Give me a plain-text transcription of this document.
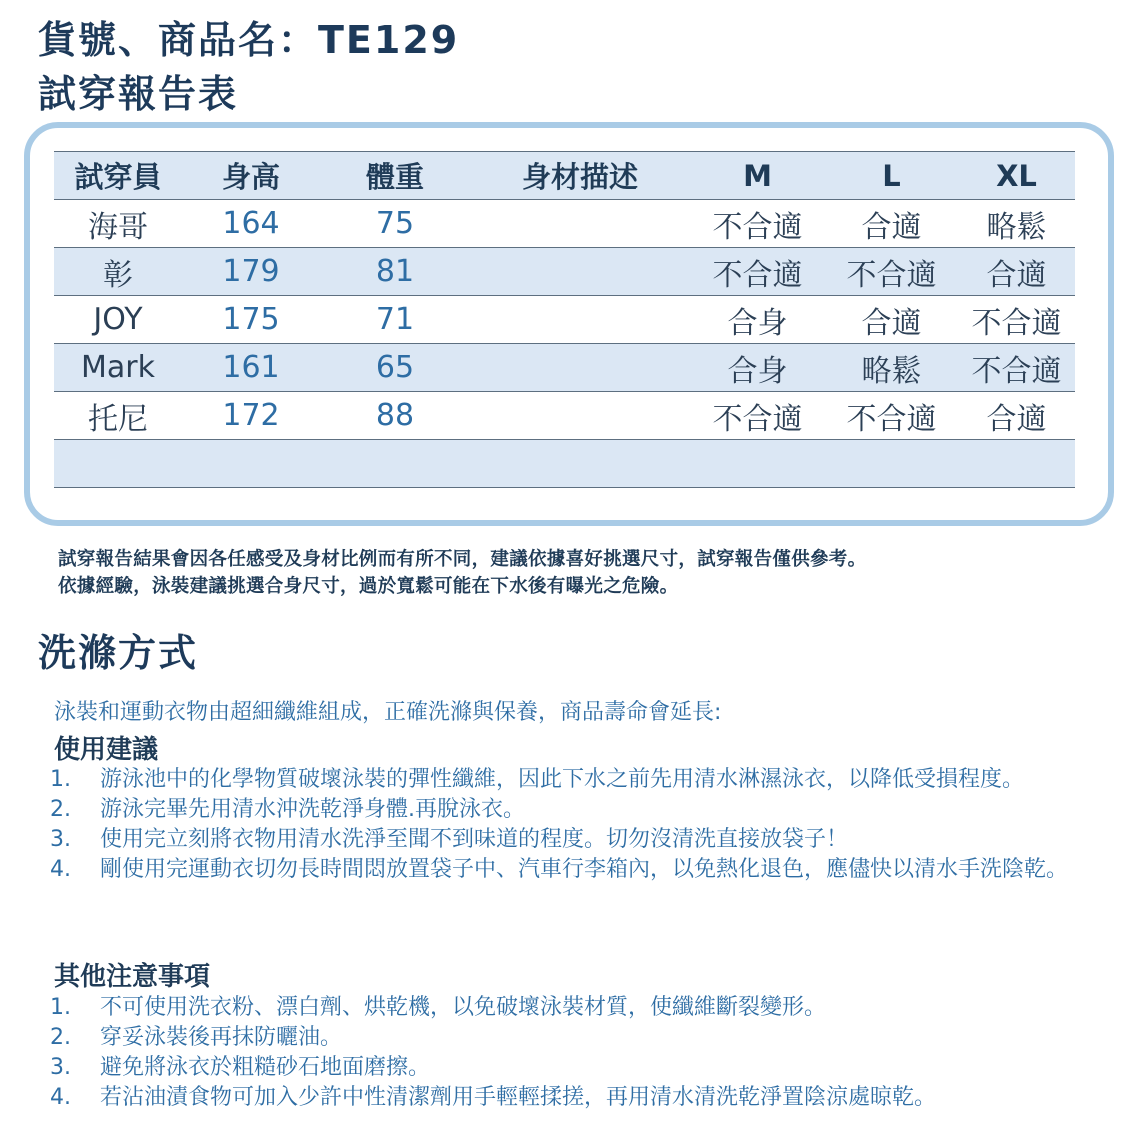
貨號、商品名：TE129
試穿報告表
試穿員	身高	體重	身材描述	M	L	XL
海哥	164	75		不合適	合適	略鬆
彰	179	81		不合適	不合適	合適
JOY	175	71		合身	合適	不合適
Mark	161	65		合身	略鬆	不合適
托尼	172	88		不合適	不合適	合適

試穿報告結果會因各任感受及身材比例而有所不同，建議依據喜好挑選尺寸，試穿報告僅供參考。
依據經驗，泳裝建議挑選合身尺寸，過於寬鬆可能在下水後有曝光之危險。
洗滌方式
泳裝和運動衣物由超細纖維組成，正確洗滌與保養，商品壽命會延長:
使用建議
1.	游泳池中的化學物質破壞泳裝的彈性纖維，因此下水之前先用清水淋濕泳衣，以降低受損程度。
2.	游泳完畢先用清水沖洗乾淨身體.再脫泳衣。
3.	使用完立刻將衣物用清水洗淨至聞不到味道的程度。切勿沒清洗直接放袋子！
4.	剛使用完運動衣切勿長時間悶放置袋子中、汽車行李箱內，以免熱化退色，應儘快以清水手洗陰乾。
其他注意事項
1.	不可使用洗衣粉、漂白劑、烘乾機，以免破壞泳裝材質，使纖維斷裂變形。
2.	穿妥泳裝後再抹防曬油。
3.	避免將泳衣於粗糙砂石地面磨擦。
4.	若沾油漬食物可加入少許中性清潔劑用手輕輕揉搓，再用清水清洗乾淨置陰涼處晾乾。
